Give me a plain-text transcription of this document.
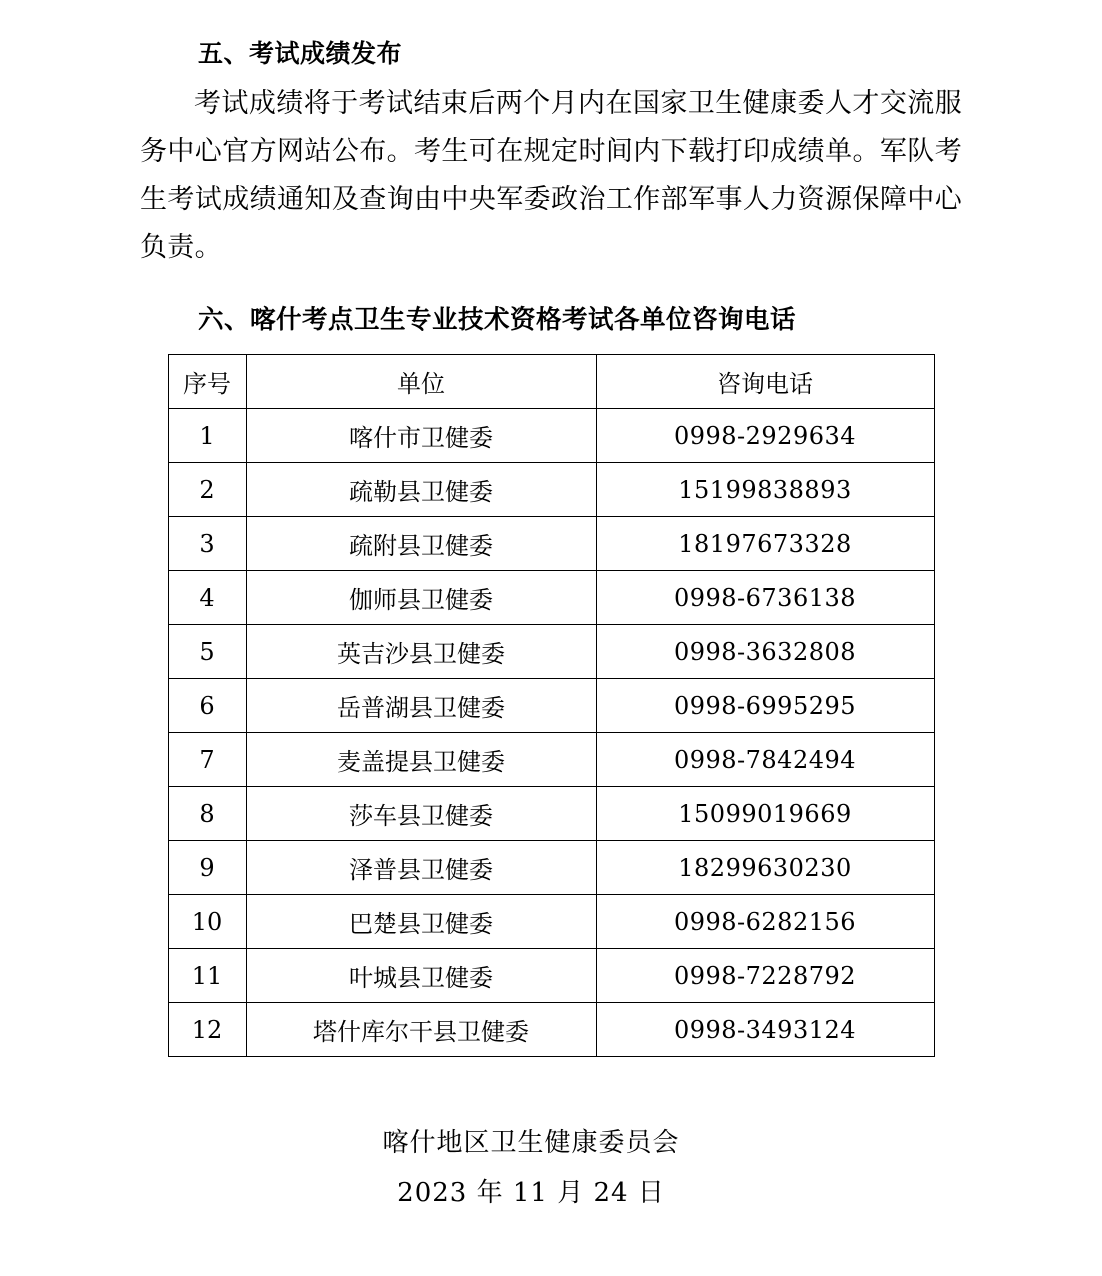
五、考试成绩发布

考试成绩将于考试结束后两个月内在国家卫生健康委人才交流服务中心官方网站公布。考生可在规定时间内下载打印成绩单。军队考生考试成绩通知及查询由中央军委政治工作部军事人力资源保障中心负责。

六、喀什考点卫生专业技术资格考试各单位咨询电话
序号	单位	咨询电话
1	喀什市卫健委	0998-2929634
2	疏勒县卫健委	15199838893
3	疏附县卫健委	18197673328
4	伽师县卫健委	0998-6736138
5	英吉沙县卫健委	0998-3632808
6	岳普湖县卫健委	0998-6995295
7	麦盖提县卫健委	0998-7842494
8	莎车县卫健委	15099019669
9	泽普县卫健委	18299630230
10	巴楚县卫健委	0998-6282156
11	叶城县卫健委	0998-7228792
12	塔什库尔干县卫健委	0998-3493124
喀什地区卫生健康委员会
2023 年 11 月 24 日
